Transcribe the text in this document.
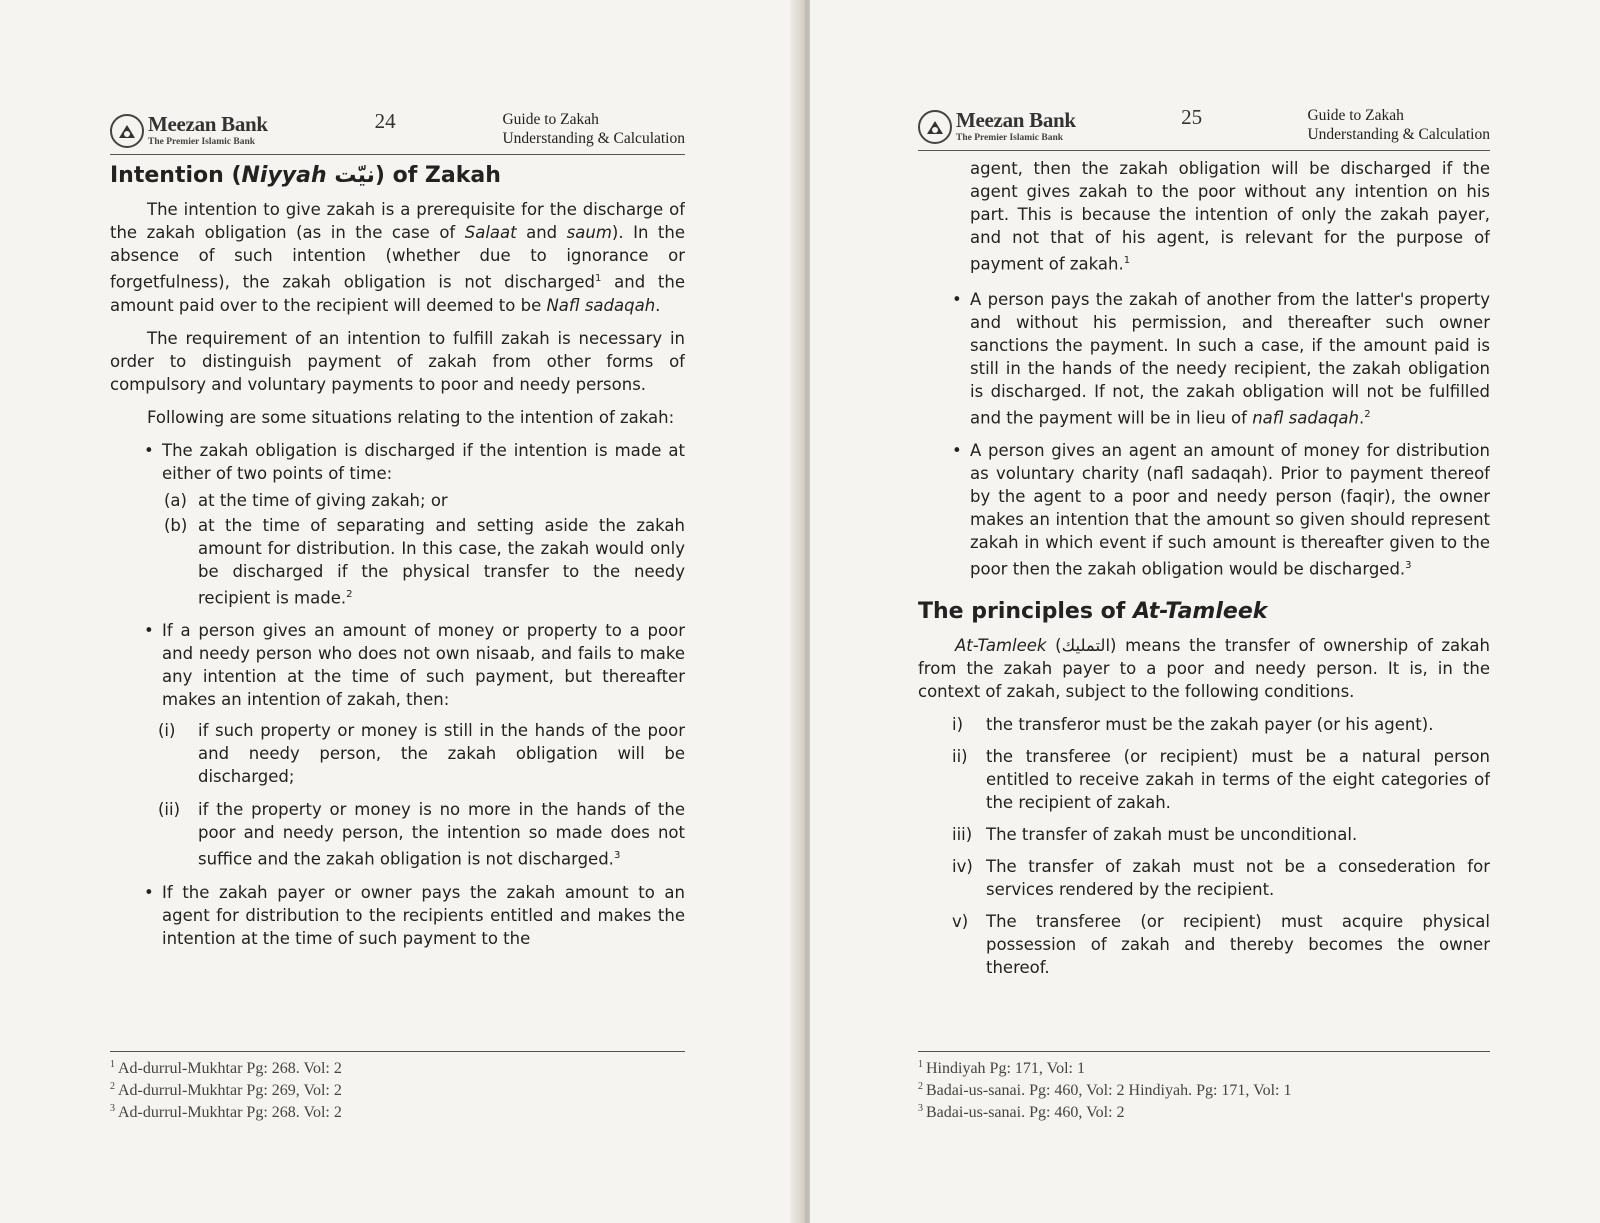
Meezan Bank
The Premier Islamic Bank
24	Guide to Zakah
Understanding & Calculation
Intention (Niyyah نيّت) of Zakah

The intention to give zakah is a prerequisite for the discharge of the zakah obligation (as in the case of Salaat and saum). In the absence of such intention (whether due to ignorance or forgetfulness), the zakah obligation is not discharged$^1$ and the amount paid over to the recipient will deemed to be Nafl sadaqah.

The requirement of an intention to fulfill zakah is necessary in order to distinguish payment of zakah from other forms of compulsory and voluntary payments to poor and needy persons.

Following are some situations relating to the intention of zakah:

• The zakah obligation is discharged if the intention is made at either of two points of time:
(a) at the time of giving zakah; or
(b) at the time of separating and setting aside the zakah amount for distribution. In this case, the zakah would only be discharged if the physical transfer to the needy recipient is made.$^2$
• If a person gives an amount of money or property to a poor and needy person who does not own nisaab, and fails to make any intention at the time of such payment, but thereafter makes an intention of zakah, then:
(i) if such property or money is still in the hands of the poor and needy person, the zakah obligation will be discharged;
(ii) if the property or money is no more in the hands of the poor and needy person, the intention so made does not suffice and the zakah obligation is not discharged.$^3$
• If the zakah payer or owner pays the zakah amount to an agent for distribution to the recipients entitled and makes the intention at the time of such payment to the
1 Ad-durrul-Mukhtar Pg: 268. Vol: 2
2 Ad-durrul-Mukhtar Pg: 269, Vol: 2
3 Ad-durrul-Mukhtar Pg: 268. Vol: 2
Meezan Bank
The Premier Islamic Bank
25	Guide to Zakah
Understanding & Calculation
agent, then the zakah obligation will be discharged if the agent gives zakah to the poor without any intention on his part. This is because the intention of only the zakah payer, and not that of his agent, is relevant for the purpose of payment of zakah.$^1$
• A person pays the zakah of another from the latter's property and without his permission, and thereafter such owner sanctions the payment. In such a case, if the amount paid is still in the hands of the needy recipient, the zakah obligation is discharged. If not, the zakah obligation will not be fulfilled and the payment will be in lieu of nafl sadaqah.$^2$
• A person gives an agent an amount of money for distribution as voluntary charity (nafl sadaqah). Prior to payment thereof by the agent to a poor and needy person (faqir), the owner makes an intention that the amount so given should represent zakah in which event if such amount is thereafter given to the poor then the zakah obligation would be discharged.$^3$
The principles of At-Tamleek

At-Tamleek (التمليك) means the transfer of ownership of zakah from the zakah payer to a poor and needy person. It is, in the context of zakah, subject to the following conditions.

i)	the transferor must be the zakah payer (or his agent).
ii)	the transferee (or recipient) must be a natural person entitled to receive zakah in terms of the eight categories of the recipient of zakah.
iii) The transfer of zakah must be unconditional.
iv) The transfer of zakah must not be a consederation for services rendered by the recipient.
v)	The transferee (or recipient) must acquire physical possession of zakah and thereby becomes the owner thereof.
1 Hindiyah Pg: 171, Vol: 1
2 Badai-us-sanai. Pg: 460, Vol: 2 Hindiyah. Pg: 171, Vol: 1
3 Badai-us-sanai. Pg: 460, Vol: 2
